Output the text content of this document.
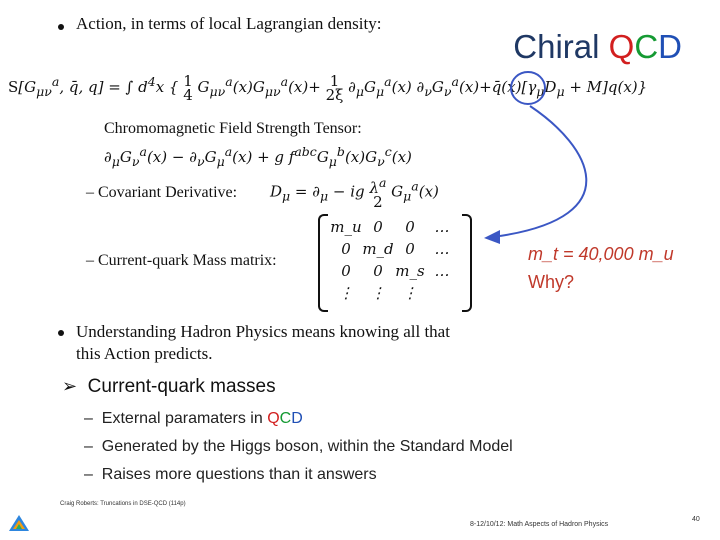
Chiral QCD
Action, in terms of local Lagrangian density:
$S[G_{\mu\nu}^a$, q̄, q] = ∫ $d^4x$ { 1
4 $G_{\mu\nu}^a(x)G_{\mu\nu}^a(x)+ 1$
2ξ $\partial_\mu G_\mu^a(x)$ $\partial_\nu G_\nu^a(x)+q̄(x)[\gamma_\mu D_\mu + M]q(x)$}
Chromomagnetic Field Strength Tensor:
$\partial_\mu G_\nu^a(x) - \partial_\nu G_\mu^a(x) + g$ $f^{abc}G_\mu^b(x)G_\nu^c(x)$
– Covariant Derivative: $D_\mu = \partial_\mu$ − ig $\lambda^a$
2 $G_\mu^a(x)$
– Current-quark Mass matrix:
m_u 0	0	…
0 m_d 0	…
0	0 m_s …
⋮	⋮	⋮
m_t = 40,000 m_u
Why?
Understanding Hadron Physics means knowing all that
this Action predicts.
➢ Current-quark masses
–  External paramaters in QCD
–  Generated by the Higgs boson, within the Standard Model
–  Raises more questions than it answers
Craig Roberts: Truncations in DSE-QCD (114p)
8-12/10/12: Math Aspects of Hadron Physics
40
